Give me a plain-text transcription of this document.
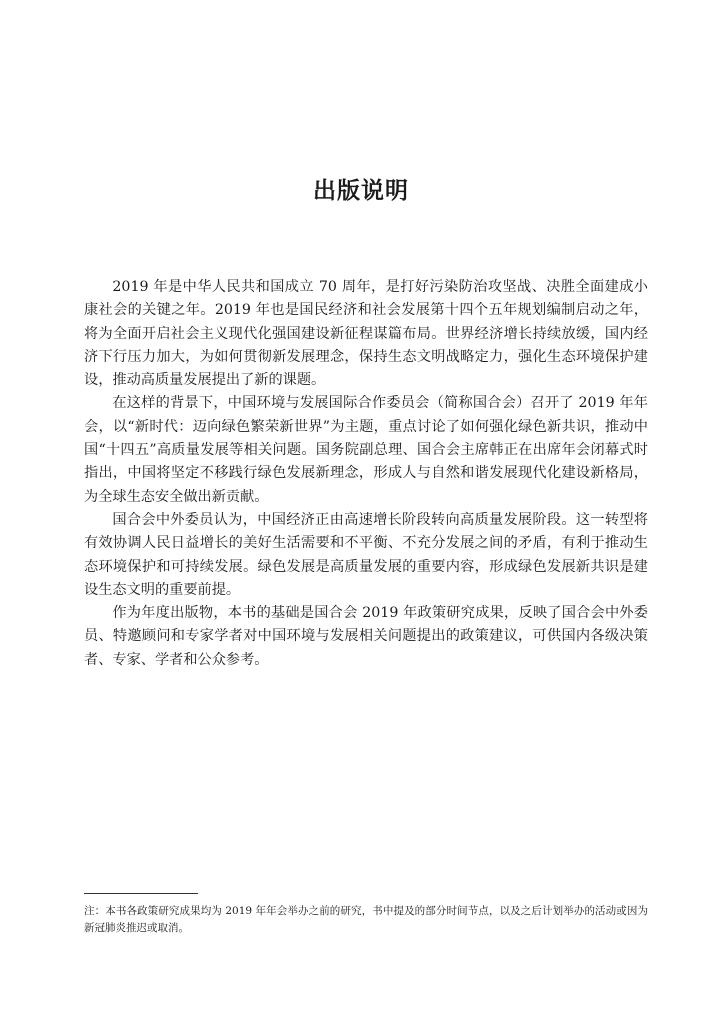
出版说明

2019 年是中华人民共和国成立 70 周年，是打好污染防治攻坚战、决胜全面建成小康社会的关键之年。2019 年也是国民经济和社会发展第十四个五年规划编制启动之年，将为全面开启社会主义现代化强国建设新征程谋篇布局。世界经济增长持续放缓，国内经济下行压力加大，为如何贯彻新发展理念，保持生态文明战略定力，强化生态环境保护建设，推动高质量发展提出了新的课题。

在这样的背景下，中国环境与发展国际合作委员会（简称国合会）召开了 2019 年年会，以“新时代：迈向绿色繁荣新世界”为主题，重点讨论了如何强化绿色新共识，推动中国“十四五”高质量发展等相关问题。国务院副总理、国合会主席韩正在出席年会闭幕式时指出，中国将坚定不移践行绿色发展新理念，形成人与自然和谐发展现代化建设新格局，为全球生态安全做出新贡献。

国合会中外委员认为，中国经济正由高速增长阶段转向高质量发展阶段。这一转型将有效协调人民日益增长的美好生活需要和不平衡、不充分发展之间的矛盾，有利于推动生态环境保护和可持续发展。绿色发展是高质量发展的重要内容，形成绿色发展新共识是建设生态文明的重要前提。

作为年度出版物，本书的基础是国合会 2019 年政策研究成果，反映了国合会中外委员、特邀顾问和专家学者对中国环境与发展相关问题提出的政策建议，可供国内各级决策者、专家、学者和公众参考。

注：本书各政策研究成果均为 2019 年年会举办之前的研究，书中提及的部分时间节点，以及之后计划举办的活动或因为新冠肺炎推迟或取消。
